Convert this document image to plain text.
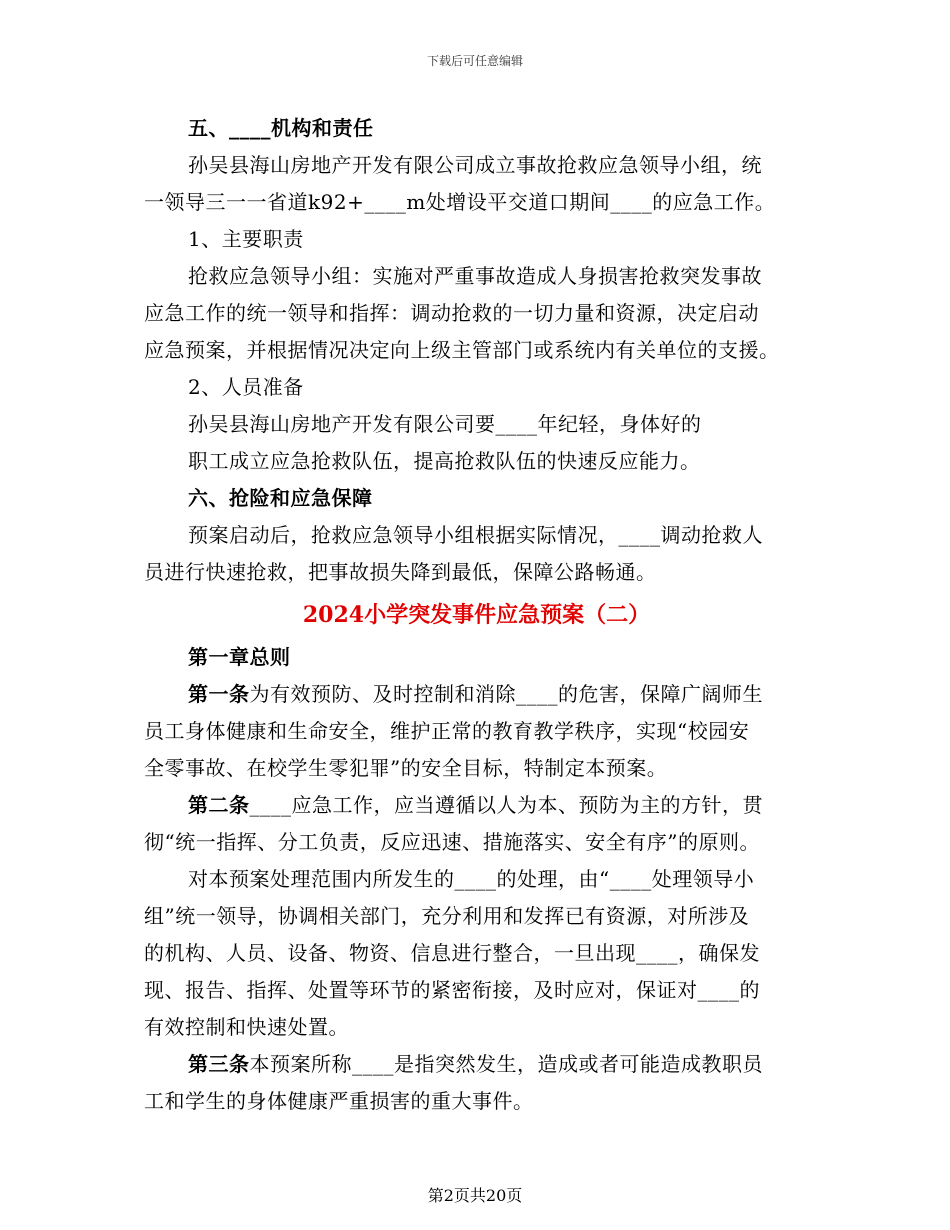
下载后可任意编辑
五、____机构和责任
孙吴县海山房地产开发有限公司成立事故抢救应急领导小组，统
一领导三一一省道k92+____m处增设平交道口期间____的应急工作。
1、主要职责
抢救应急领导小组：实施对严重事故造成人身损害抢救突发事故
应急工作的统一领导和指挥：调动抢救的一切力量和资源，决定启动
应急预案，并根据情况决定向上级主管部门或系统内有关单位的支援。
2、人员准备
孙吴县海山房地产开发有限公司要____年纪轻，身体好的
职工成立应急抢救队伍，提高抢救队伍的快速反应能力。
六、抢险和应急保障
预案启动后，抢救应急领导小组根据实际情况，____调动抢救人
员进行快速抢救，把事故损失降到最低，保障公路畅通。
2024小学突发事件应急预案（二）
第一章总则
第一条为有效预防、及时控制和消除____的危害，保障广阔师生
员工身体健康和生命安全，维护正常的教育教学秩序，实现“校园安
全零事故、在校学生零犯罪”的安全目标，特制定本预案。
第二条____应急工作，应当遵循以人为本、预防为主的方针，贯
彻“统一指挥、分工负责，反应迅速、措施落实、安全有序”的原则。
对本预案处理范围内所发生的____的处理，由“____处理领导小
组”统一领导，协调相关部门，充分利用和发挥已有资源，对所涉及
的机构、人员、设备、物资、信息进行整合，一旦出现____，确保发
现、报告、指挥、处置等环节的紧密衔接，及时应对，保证对____的
有效控制和快速处置。
第三条本预案所称____是指突然发生，造成或者可能造成教职员
工和学生的身体健康严重损害的重大事件。
第2页共20页
